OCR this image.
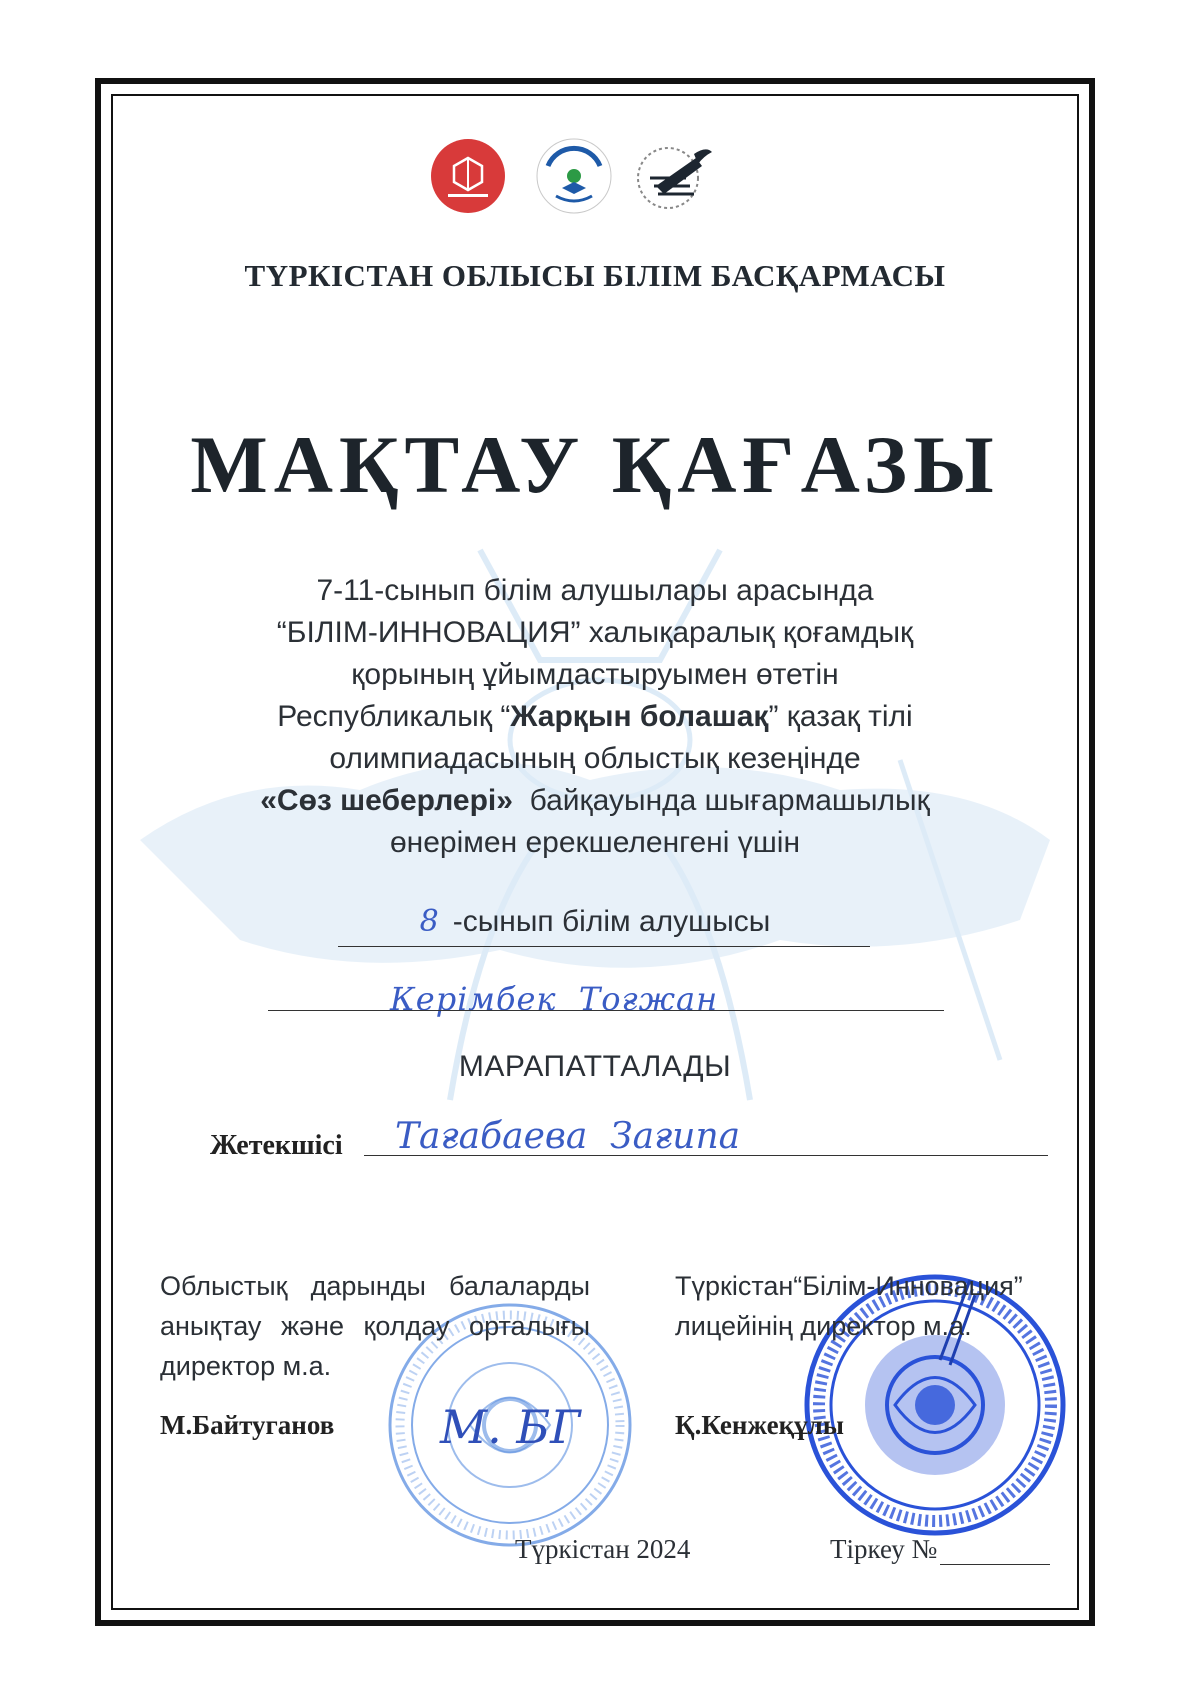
ТҮРКІСТАН ОБЛЫСЫ БІЛІМ БАСҚАРМАСЫ
МАҚТАУ ҚАҒАЗЫ
7-11-сынып білім алушылары арасында
“БІЛІМ-ИННОВАЦИЯ” халықаралық қоғамдық
қорының ұйымдастыруымен өтетін
Республикалық “Жарқын болашақ” қазақ тілі
олимпиадасының облыстық кезеңінде
«Сөз шеберлері»  байқауында шығармашылық
өнерімен ерекшеленгені үшін
8 -сынып білім алушысы
Керімбек  Тоғжан
МАРАПАТТАЛАДЫ
Жетекшісі Тағабаева  Зағипа
М. БГ
Облыстық дарынды балаларды анықтау және қолдау орталығы директор м.а.
М.Байтуганов
Түркістан“Білім-Инновация” лицейінің директор м.а.
Қ.Кенжеқұлы
Түркістан 2024	Тіркеу №
